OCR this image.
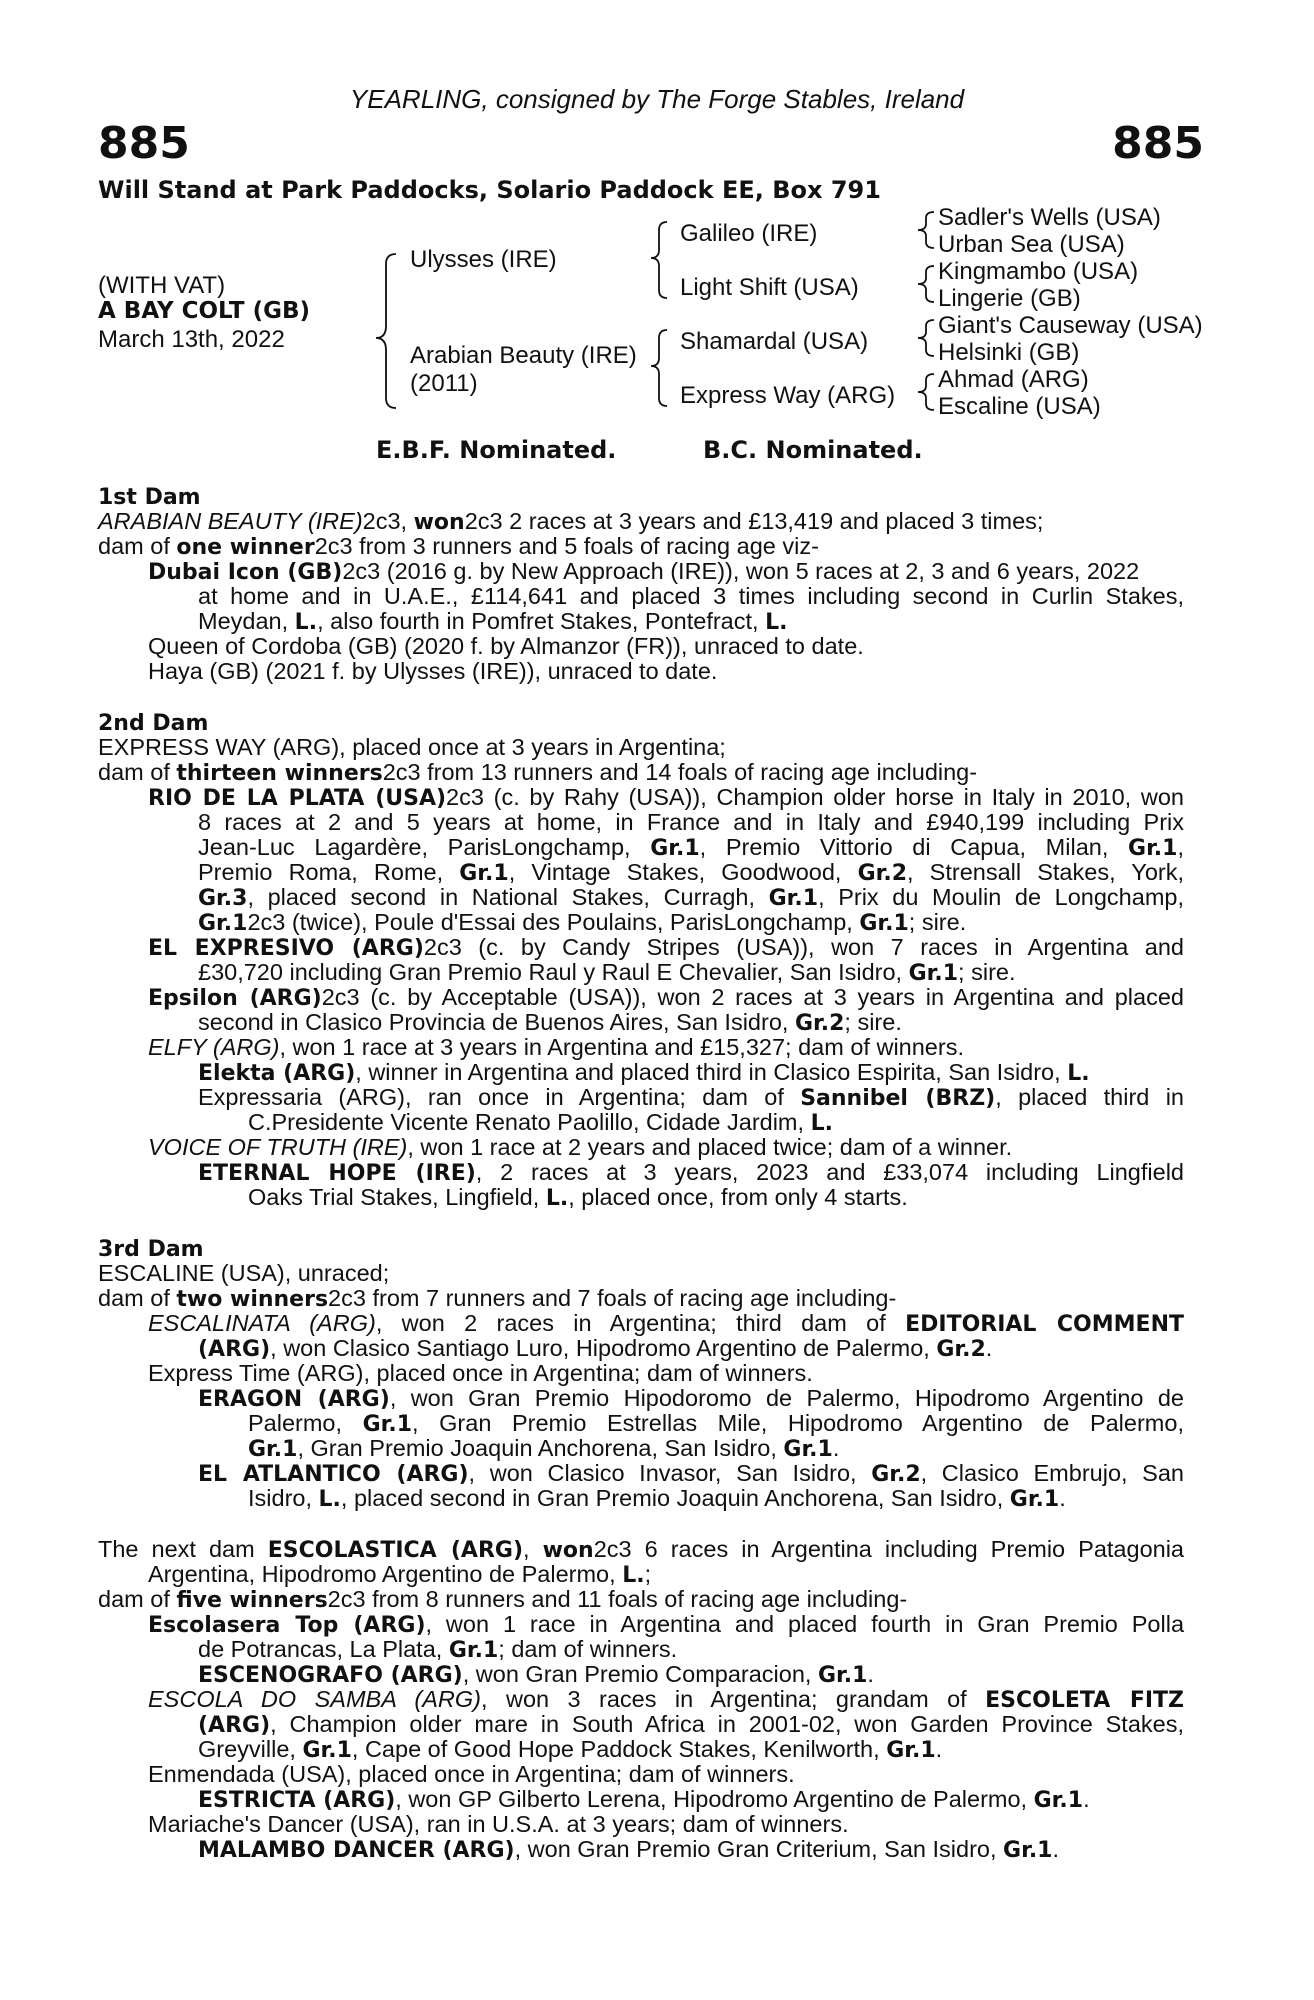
YEARLING, consigned by The Forge Stables, Ireland
885	885
Will Stand at Park Paddocks, Solario Paddock EE, Box 791
(WITH VAT)
A BAY COLT (GB)
March 13th, 2022
Ulysses (IRE)
Arabian Beauty (IRE)
(2011)
Galileo (IRE)
Light Shift (USA)
Shamardal (USA)
Express Way (ARG)
Sadler's Wells (USA)
Urban Sea (USA)
Kingmambo (USA)
Lingerie (GB)
Giant's Causeway (USA)
Helsinki (GB)
Ahmad (ARG)
Escaline (USA)
E.B.F. Nominated.	B.C. Nominated.
1st Dam
ARABIAN BEAUTY (IRE)2c3, won2c3 2 races at 3 years and £13,419 and placed 3 times;
dam of one winner2c3 from 3 runners and 5 foals of racing age viz-
Dubai Icon (GB)2c3 (2016 g. by New Approach (IRE)), won 5 races at 2, 3 and 6 years, 2022
at home and in U.A.E., £114,641 and placed 3 times including second in Curlin Stakes,
Meydan, L., also fourth in Pomfret Stakes, Pontefract, L.
Queen of Cordoba (GB) (2020 f. by Almanzor (FR)), unraced to date.
Haya (GB) (2021 f. by Ulysses (IRE)), unraced to date.
2nd Dam
EXPRESS WAY (ARG), placed once at 3 years in Argentina;
dam of thirteen winners2c3 from 13 runners and 14 foals of racing age including-
RIO DE LA PLATA (USA)2c3 (c. by Rahy (USA)), Champion older horse in Italy in 2010, won
8 races at 2 and 5 years at home, in France and in Italy and £940,199 including Prix
Jean-Luc Lagardère, ParisLongchamp, Gr.1, Premio Vittorio di Capua, Milan, Gr.1,
Premio Roma, Rome, Gr.1, Vintage Stakes, Goodwood, Gr.2, Strensall Stakes, York,
Gr.3, placed second in National Stakes, Curragh, Gr.1, Prix du Moulin de Longchamp,
Gr.12c3 (twice), Poule d'Essai des Poulains, ParisLongchamp, Gr.1; sire.
EL EXPRESIVO (ARG)2c3 (c. by Candy Stripes (USA)), won 7 races in Argentina and
£30,720 including Gran Premio Raul y Raul E Chevalier, San Isidro, Gr.1; sire.
Epsilon (ARG)2c3 (c. by Acceptable (USA)), won 2 races at 3 years in Argentina and placed
second in Clasico Provincia de Buenos Aires, San Isidro, Gr.2; sire.
ELFY (ARG), won 1 race at 3 years in Argentina and £15,327; dam of winners.
Elekta (ARG), winner in Argentina and placed third in Clasico Espirita, San Isidro, L.
Expressaria (ARG), ran once in Argentina; dam of Sannibel (BRZ), placed third in
C.Presidente Vicente Renato Paolillo, Cidade Jardim, L.
VOICE OF TRUTH (IRE), won 1 race at 2 years and placed twice; dam of a winner.
ETERNAL HOPE (IRE), 2 races at 3 years, 2023 and £33,074 including Lingfield
Oaks Trial Stakes, Lingfield, L., placed once, from only 4 starts.
3rd Dam
ESCALINE (USA), unraced;
dam of two winners2c3 from 7 runners and 7 foals of racing age including-
ESCALINATA (ARG), won 2 races in Argentina; third dam of EDITORIAL COMMENT
(ARG), won Clasico Santiago Luro, Hipodromo Argentino de Palermo, Gr.2.
Express Time (ARG), placed once in Argentina; dam of winners.
ERAGON (ARG), won Gran Premio Hipodoromo de Palermo, Hipodromo Argentino de
Palermo, Gr.1, Gran Premio Estrellas Mile, Hipodromo Argentino de Palermo,
Gr.1, Gran Premio Joaquin Anchorena, San Isidro, Gr.1.
EL ATLANTICO (ARG), won Clasico Invasor, San Isidro, Gr.2, Clasico Embrujo, San
Isidro, L., placed second in Gran Premio Joaquin Anchorena, San Isidro, Gr.1.
The next dam ESCOLASTICA (ARG), won2c3 6 races in Argentina including Premio Patagonia
Argentina, Hipodromo Argentino de Palermo, L.;
dam of five winners2c3 from 8 runners and 11 foals of racing age including-
Escolasera Top (ARG), won 1 race in Argentina and placed fourth in Gran Premio Polla
de Potrancas, La Plata, Gr.1; dam of winners.
ESCENOGRAFO (ARG), won Gran Premio Comparacion, Gr.1.
ESCOLA DO SAMBA (ARG), won 3 races in Argentina; grandam of ESCOLETA FITZ
(ARG), Champion older mare in South Africa in 2001-02, won Garden Province Stakes,
Greyville, Gr.1, Cape of Good Hope Paddock Stakes, Kenilworth, Gr.1.
Enmendada (USA), placed once in Argentina; dam of winners.
ESTRICTA (ARG), won GP Gilberto Lerena, Hipodromo Argentino de Palermo, Gr.1.
Mariache's Dancer (USA), ran in U.S.A. at 3 years; dam of winners.
MALAMBO DANCER (ARG), won Gran Premio Gran Criterium, San Isidro, Gr.1.
